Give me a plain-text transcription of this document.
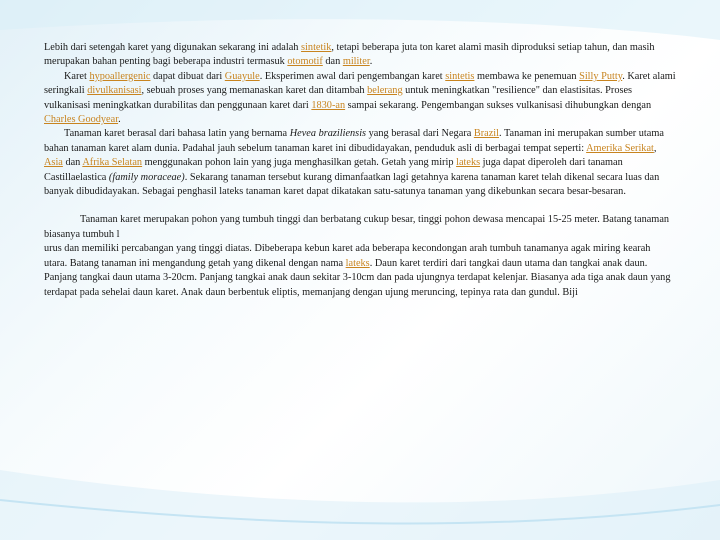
Lebih dari setengah karet yang digunakan sekarang ini adalah sintetik, tetapi beberapa juta ton karet alami masih diproduksi setiap tahun, dan masih merupakan bahan penting bagi beberapa industri termasuk otomotif dan militer.

Karet hypoallergenic dapat dibuat dari Guayule. Eksperimen awal dari pengembangan karet sintetis membawa ke penemuan Silly Putty. Karet alami seringkali divulkanisasi, sebuah proses yang memanaskan karet dan ditambah belerang untuk meningkatkan "resilience" dan elastisitas. Proses vulkanisasi meningkatkan durabilitas dan penggunaan karet dari 1830-an sampai sekarang. Pengembangan sukses vulkanisasi dihubungkan dengan Charles Goodyear.

Tanaman karet berasal dari bahasa latin yang bernama Hevea braziliensis yang berasal dari Negara Brazil. Tanaman ini merupakan sumber utama bahan tanaman karet alam dunia. Padahal jauh sebelum tanaman karet ini dibudidayakan, penduduk asli di berbagai tempat seperti: Amerika Serikat, Asia dan Afrika Selatan menggunakan pohon lain yang juga menghasilkan getah. Getah yang mirip lateks juga dapat diperoleh dari tanaman Castillaelastica (family moraceae). Sekarang tanaman tersebut kurang dimanfaatkan lagi getahnya karena tanaman karet telah dikenal secara luas dan banyak dibudidayakan. Sebagai penghasil lateks tanaman karet dapat dikatakan satu-satunya tanaman yang dikebunkan secara besar-besaran.

Tanaman karet merupakan pohon yang tumbuh tinggi dan berbatang cukup besar, tinggi pohon dewasa mencapai 15-25 meter. Batang tanaman biasanya tumbuh l
urus dan memiliki percabangan yang tinggi diatas. Dibeberapa kebun karet ada beberapa kecondongan arah tumbuh tanamanya agak miring kearah utara. Batang tanaman ini mengandung getah yang dikenal dengan nama lateks. Daun karet terdiri dari tangkai daun utama dan tangkai anak daun. Panjang tangkai daun utama 3-20cm. Panjang tangkai anak daun sekitar 3-10cm dan pada ujungnya terdapat kelenjar. Biasanya ada tiga anak daun yang terdapat pada sehelai daun karet. Anak daun berbentuk eliptis, memanjang dengan ujung meruncing, tepinya rata dan gundul. Biji
